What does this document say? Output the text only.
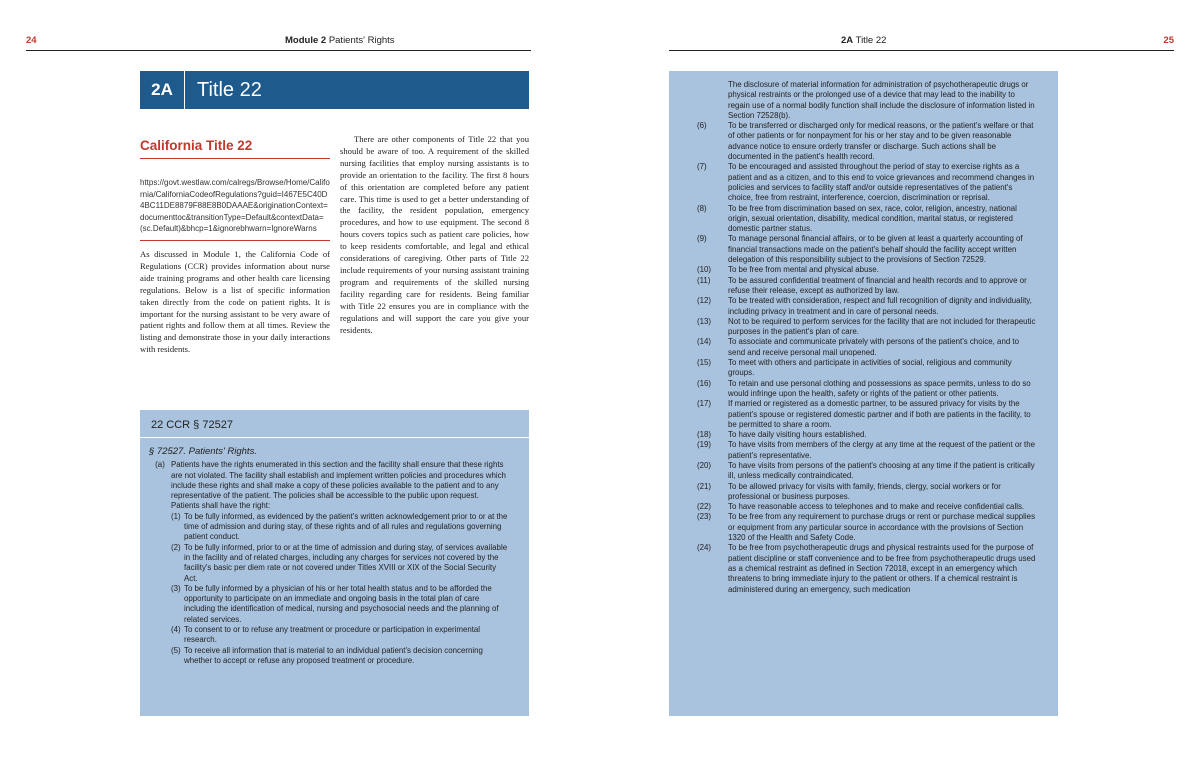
24	Module 2 Patients' Rights	25
2A Title 22
2A	Title 22
California Title 22
https://govt.westlaw.com/calregs/Browse/Home/California/CaliforniaCodeofRegulations?guid=I467E5C40D4BC11DE8879F88E8B0DAAAE&originationContext=documenttoc&transitionType=Default&contextData=(sc.Default)&bhcp=1&ignorebhwarn=IgnoreWarns

As discussed in Module 1, the California Code of Regulations (CCR) provides information about nurse aide training programs and other health care licensing regulations. Below is a list of specific information taken directly from the code on patient rights. It is important for the nursing assistant to be very aware of patient rights and follow them at all times. Review the listing and demonstrate those in your daily interactions with residents.

There are other components of Title 22 that you should be aware of too. A requirement of the skilled nursing facilities that employ nursing assistants is to provide an orientation to the facility. The first 8 hours of this orientation are completed before any patient care. This time is used to get a better understanding of the facility, the resident population, emergency procedures, and how to use equipment. The second 8 hours covers topics such as patient care policies, how to keep residents comfortable, and legal and ethical considerations of caregiving. Other parts of Title 22 include requirements of your nursing assistant training program and requirements of the skilled nursing facility regarding care for residents. Being familiar with Title 22 ensures you are in compliance with the regulations and will support the care you give your residents.

22 CCR § 72527
§ 72527. Patients' Rights.
(a) Patients have the rights enumerated in this section and the facility shall ensure that these rights are not violated. The facility shall establish and implement written policies and procedures which include these rights and shall make a copy of these policies available to the patient and to any representative of the patient. The policies shall be accessible to the public upon request. Patients shall have the right:
(1) To be fully informed, as evidenced by the patient's written acknowledgement prior to or at the time of admission and during stay, of these rights and of all rules and regulations governing patient conduct.
(2) To be fully informed, prior to or at the time of admission and during stay, of services available in the facility and of related charges, including any charges for services not covered by the facility's basic per diem rate or not covered under Titles XVIII or XIX of the Social Security Act.
(3) To be fully informed by a physician of his or her total health status and to be afforded the opportunity to participate on an immediate and ongoing basis in the total plan of care including the identification of medical, nursing and psychosocial needs and the planning of related services.
(4) To consent to or to refuse any treatment or procedure or participation in experimental research.
(5) To receive all information that is material to an individual patient's decision concerning whether to accept or refuse any proposed treatment or procedure.
The disclosure of material information for administration of psychotherapeutic drugs or physical restraints or the prolonged use of a device that may lead to the inability to regain use of a normal bodily function shall include the disclosure of information listed in Section 72528(b).
(6)	To be transferred or discharged only for medical reasons, or the patient's welfare or that of other patients or for nonpayment for his or her stay and to be given reasonable advance notice to ensure orderly transfer or discharge. Such actions shall be documented in the patient's health record.
(7)	To be encouraged and assisted throughout the period of stay to exercise rights as a patient and as a citizen, and to this end to voice grievances and recommend changes in policies and services to facility staff and/or outside representatives of the patient's choice, free from restraint, interference, coercion, discrimination or reprisal.
(8)	To be free from discrimination based on sex, race, color, religion, ancestry, national origin, sexual orientation, disability, medical condition, marital status, or registered domestic partner status.
(9)	To manage personal financial affairs, or to be given at least a quarterly accounting of financial transactions made on the patient's behalf should the facility accept written delegation of this responsibility subject to the provisions of Section 72529.
(10)	To be free from mental and physical abuse.
(11)	To be assured confidential treatment of financial and health records and to approve or refuse their release, except as authorized by law.
(12)	To be treated with consideration, respect and full recognition of dignity and individuality, including privacy in treatment and in care of personal needs.
(13)	Not to be required to perform services for the facility that are not included for therapeutic purposes in the patient's plan of care.
(14)	To associate and communicate privately with persons of the patient's choice, and to send and receive personal mail unopened.
(15)	To meet with others and participate in activities of social, religious and community groups.
(16)	To retain and use personal clothing and possessions as space permits, unless to do so would infringe upon the health, safety or rights of the patient or other patients.
(17)	If married or registered as a domestic partner, to be assured privacy for visits by the patient's spouse or registered domestic partner and if both are patients in the facility, to be permitted to share a room.
(18)	To have daily visiting hours established.
(19)	To have visits from members of the clergy at any time at the request of the patient or the patient's representative.
(20)	To have visits from persons of the patient's choosing at any time if the patient is critically ill, unless medically contraindicated.
(21)	To be allowed privacy for visits with family, friends, clergy, social workers or for professional or business purposes.
(22)	To have reasonable access to telephones and to make and receive confidential calls.
(23)	To be free from any requirement to purchase drugs or rent or purchase medical supplies or equipment from any particular source in accordance with the provisions of Section 1320 of the Health and Safety Code.
(24)	To be free from psychotherapeutic drugs and physical restraints used for the purpose of patient discipline or staff convenience and to be free from psychotherapeutic drugs used as a chemical restraint as defined in Section 72018, except in an emergency which threatens to bring immediate injury to the patient or others. If a chemical restraint is administered during an emergency, such medication
